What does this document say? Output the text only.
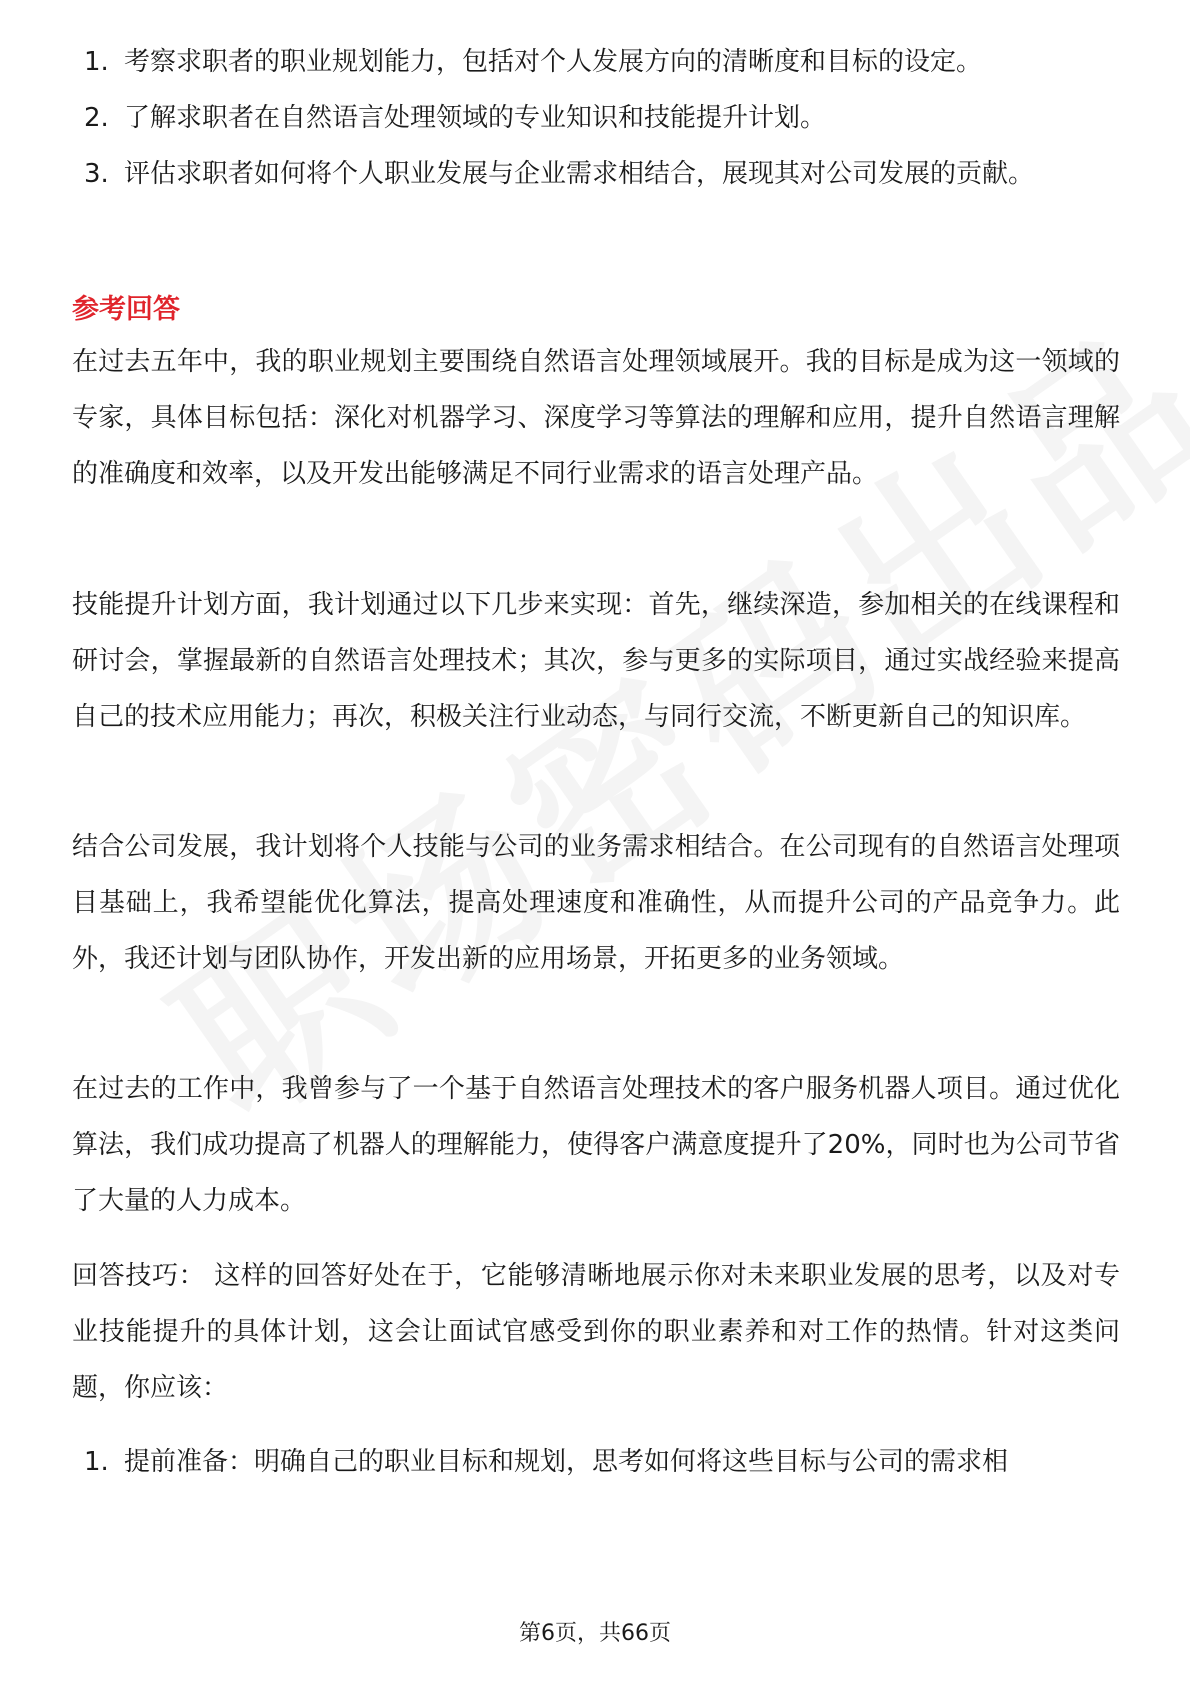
1. 考察求职者的职业规划能力，包括对个人发展方向的清晰度和目标的设定。
2. 了解求职者在自然语言处理领域的专业知识和技能提升计划。
3. 评估求职者如何将个人职业发展与企业需求相结合，展现其对公司发展的贡献。
参考回答

在过去五年中，我的职业规划主要围绕自然语言处理领域展开。我的目标是成为这一领域的专家，具体目标包括：深化对机器学习、深度学习等算法的理解和应用，提升自然语言理解的准确度和效率，以及开发出能够满足不同行业需求的语言处理产品。

技能提升计划方面，我计划通过以下几步来实现：首先，继续深造，参加相关的在线课程和研讨会，掌握最新的自然语言处理技术；其次，参与更多的实际项目，通过实战经验来提高自己的技术应用能力；再次，积极关注行业动态，与同行交流，不断更新自己的知识库。

结合公司发展，我计划将个人技能与公司的业务需求相结合。在公司现有的自然语言处理项目基础上，我希望能优化算法，提高处理速度和准确性，从而提升公司的产品竞争力。此外，我还计划与团队协作，开发出新的应用场景，开拓更多的业务领域。

在过去的工作中，我曾参与了一个基于自然语言处理技术的客户服务机器人项目。通过优化算法，我们成功提高了机器人的理解能力，使得客户满意度提升了20%，同时也为公司节省了大量的人力成本。

回答技巧： 这样的回答好处在于，它能够清晰地展示你对未来职业发展的思考，以及对专业技能提升的具体计划，这会让面试官感受到你的职业素养和对工作的热情。针对这类问题，你应该：

1. 提前准备：明确自己的职业目标和规划，思考如何将这些目标与公司的需求相
第6页，共66页
